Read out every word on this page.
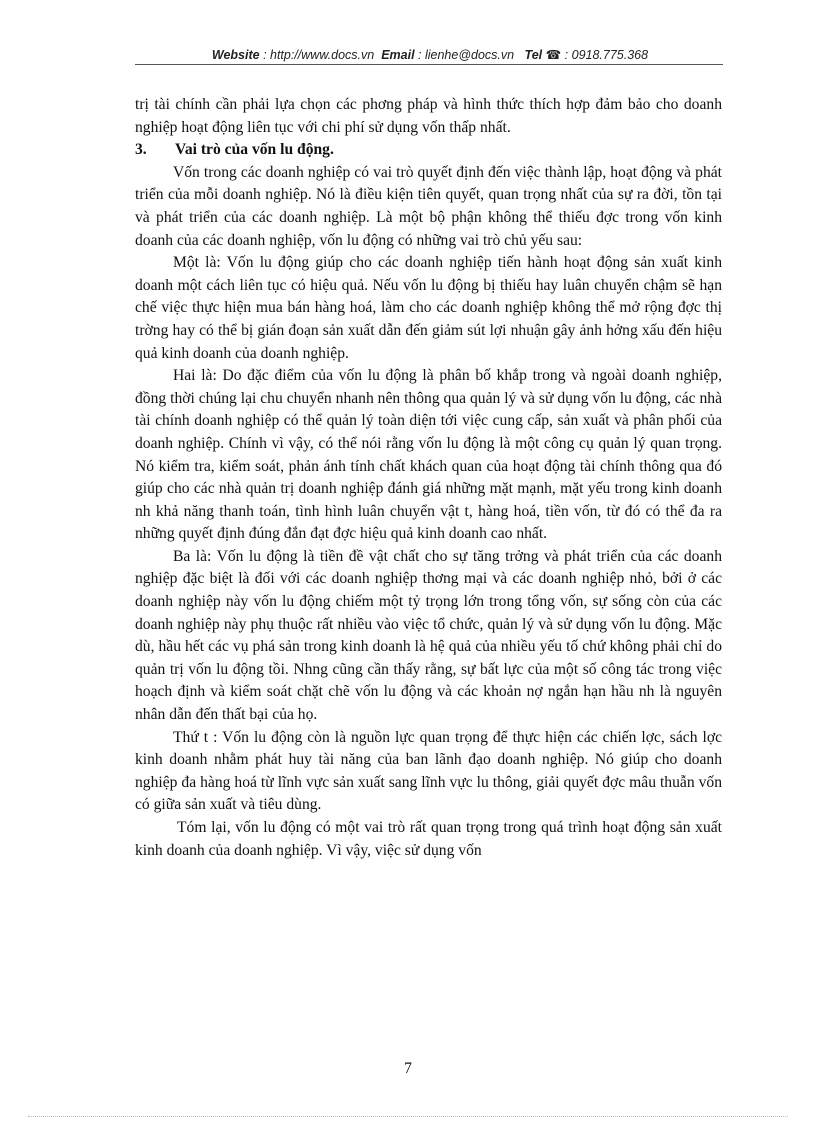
Website : http://www.docs.vn Email : lienhe@docs.vn Tel ☎ : 0918.775.368

trị tài chính cần phải lựa chọn các phơng pháp và hình thức thích hợp đảm bảo cho doanh nghiệp hoạt động liên tục với chi phí sử dụng vốn thấp nhất.

3. Vai trò của vốn lu động.

Vốn trong các doanh nghiệp có vai trò quyết định đến việc thành lập, hoạt động và phát triển của mỗi doanh nghiệp. Nó là điều kiện tiên quyết, quan trọng nhất của sự ra đời, tồn tại và phát triển của các doanh nghiệp. Là một bộ phận không thể thiếu đợc trong vốn kinh doanh của các doanh nghiệp, vốn lu động có những vai trò chủ yếu sau:

Một là: Vốn lu động giúp cho các doanh nghiệp tiến hành hoạt động sản xuất kinh doanh một cách liên tục có hiệu quả. Nếu vốn lu động bị thiếu hay luân chuyển chậm sẽ hạn chế việc thực hiện mua bán hàng hoá, làm cho các doanh nghiệp không thể mở rộng đợc thị trờng hay có thể bị gián đoạn sản xuất dẫn đến giảm sút lợi nhuận gây ảnh hởng xấu đến hiệu quả kinh doanh của doanh nghiệp.

Hai là: Do đặc điểm của vốn lu động là phân bố khắp trong và ngoài doanh nghiệp, đồng thời chúng lại chu chuyển nhanh nên thông qua quản lý và sử dụng vốn lu động, các nhà tài chính doanh nghiệp có thể quản lý toàn diện tới việc cung cấp, sản xuất và phân phối của doanh nghiệp. Chính vì vậy, có thể nói rằng vốn lu động là một công cụ quản lý quan trọng. Nó kiểm tra, kiểm soát, phản ánh tính chất khách quan của hoạt động tài chính thông qua đó giúp cho các nhà quản trị doanh nghiệp đánh giá những mặt mạnh, mặt yếu trong kinh doanh nh khả năng thanh toán, tình hình luân chuyển vật t, hàng hoá, tiền vốn, từ đó có thể đa ra những quyết định đúng đắn đạt đợc hiệu quả kinh doanh cao nhất.

Ba là: Vốn lu động là tiền đề vật chất cho sự tăng trởng và phát triển của các doanh nghiệp đặc biệt là đối với các doanh nghiệp thơng mại và các doanh nghiệp nhỏ, bởi ở các doanh nghiệp này vốn lu động chiếm một tỷ trọng lớn trong tổng vốn, sự sống còn của các doanh nghiệp này phụ thuộc rất nhiều vào việc tổ chức, quản lý và sử dụng vốn lu động. Mặc dù, hầu hết các vụ phá sản trong kinh doanh là hệ quả của nhiều yếu tố chứ không phải chỉ do quản trị vốn lu động tồi. Nhng cũng cần thấy rằng, sự bất lực của một số công tác trong việc hoạch định và kiểm soát chặt chẽ vốn lu động và các khoản nợ ngắn hạn hầu nh là nguyên nhân dẫn đến thất bại của họ.

Thứ t : Vốn lu động còn là nguồn lực quan trọng để thực hiện các chiến lợc, sách lợc kinh doanh nhằm phát huy tài năng của ban lãnh đạo doanh nghiệp. Nó giúp cho doanh nghiệp đa hàng hoá từ lĩnh vực sản xuất sang lĩnh vực lu thông, giải quyết đợc mâu thuẫn vốn có giữa sản xuất và tiêu dùng.

Tóm lại, vốn lu động có một vai trò rất quan trọng trong quá trình hoạt động sản xuất kinh doanh của doanh nghiệp. Vì vậy, việc sử dụng vốn

7
